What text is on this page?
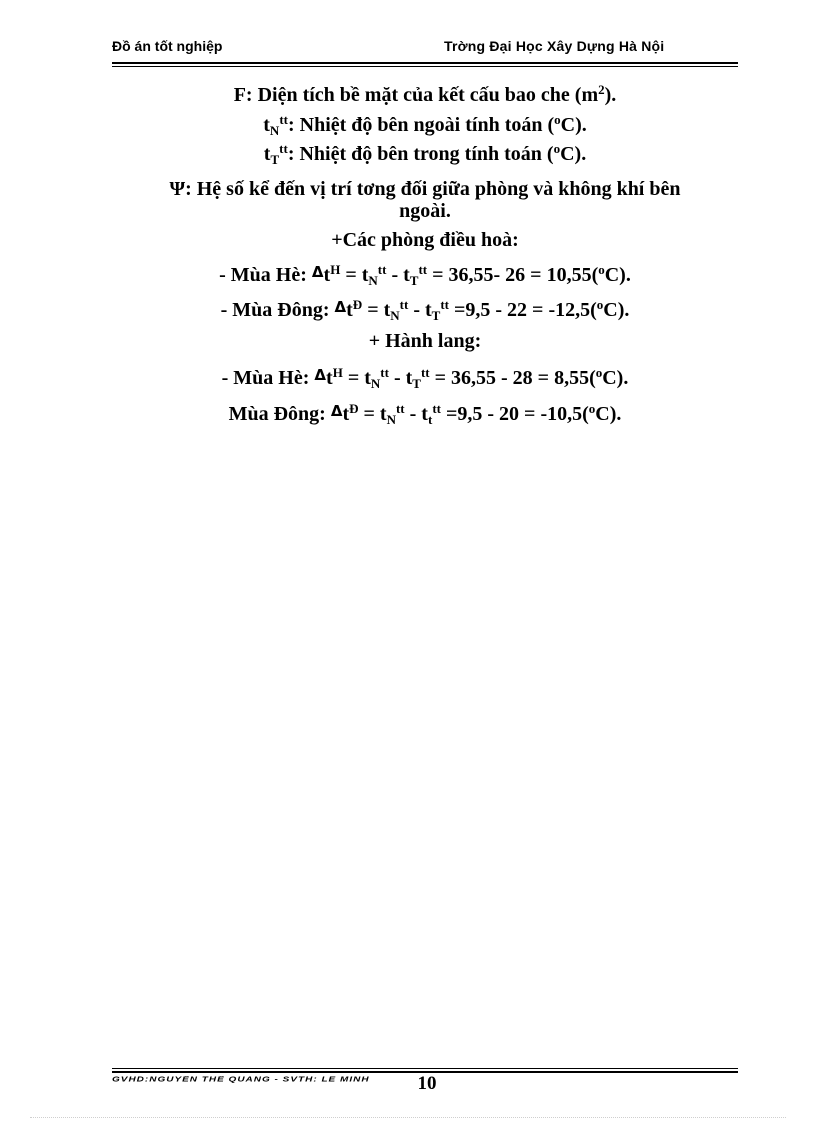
Đồ án tốt nghiệp	Trờng Đại Học Xây Dựng Hà Nội
F: Diện tích bề mặt của kết cấu bao che $(m^2)$.
$t_N^{tt}$: Nhiệt độ bên ngoài tính toán ($^o$C).
$t_T^{tt}$: Nhiệt độ bên trong tính toán ($^o$C).
Ψ: Hệ số kể đến vị trí tơng đối giữa phòng và không khí bên
ngoài.
+Các phòng điều hoà:
- Mùa Hè: $^\Delta t^H = t_N^{tt} - t_T^{tt} = 36,55-$ 26 = 10,55($^o$C).
- Mùa Đông: $^\Delta t^Đ = t_N^{tt} - t_T^{tt} =9,5 - 22 = -12,5(^oC)$.
+ Hành lang:
- Mùa Hè: $^\Delta t^H = t_N^{tt} - t_T^{tt} = 36,55 - 28 = 8,55(^oC)$.
Mùa Đông: $^\Delta t^Đ = t_N^{tt} - t_t^{tt} =9,5 - 20 = -10,5(^oC)$.
GVHD:NGUYỄN THẾ QUẢNG - SVTH: LÊ MINH	10
